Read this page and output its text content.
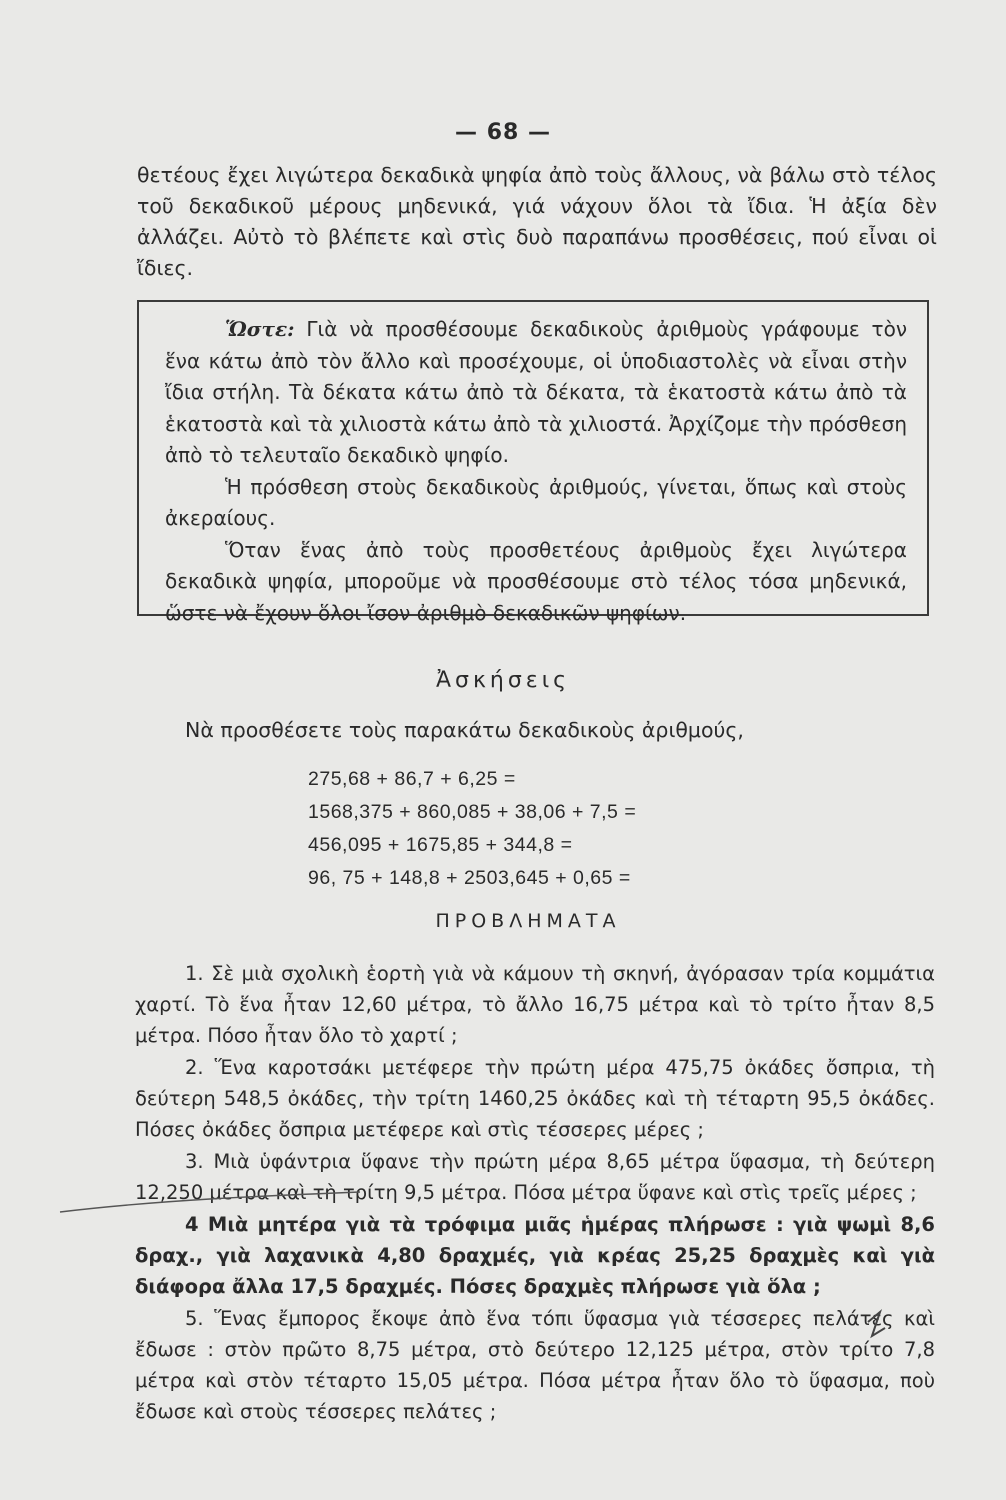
— 68 —

θετέους ἔχει λιγώτερα δεκαδικὰ ψηφία ἀπὸ τοὺς ἄλλους, νὰ βάλω στὸ τέλος τοῦ δεκαδικοῦ μέρους μηδενικά, γιά νάχουν ὅλοι τὰ ἴδια. Ἡ ἀξία δὲν ἀλλάζει. Αὐτὸ τὸ βλέπετε καὶ στὶς δυὸ παραπάνω προσθέσεις, πού εἶναι οἱ ἴδιες.

Ὥστε: Γιὰ νὰ προσθέσουμε δεκαδικοὺς ἀριθμοὺς γράφουμε τὸν ἕνα κάτω ἀπὸ τὸν ἄλλο καὶ προσέχουμε, οἱ ὑποδιαστολὲς νὰ εἶναι στὴν ἴδια στήλη. Τὰ δέκατα κάτω ἀπὸ τὰ δέκατα, τὰ ἑκατοστὰ κάτω ἀπὸ τὰ ἑκατοστὰ καὶ τὰ χιλιοστὰ κάτω ἀπὸ τὰ χιλιοστά. Ἀρχίζομε τὴν πρόσθεση ἀπὸ τὸ τελευταῖο δεκαδικὸ ψηφίο.

Ἡ πρόσθεση στοὺς δεκαδικοὺς ἀριθμούς, γίνεται, ὅπως καὶ στοὺς ἀκεραίους.

Ὅταν ἕνας ἀπὸ τοὺς προσθετέους ἀριθμοὺς ἔχει λιγώτερα δεκαδικὰ ψηφία, μποροῦμε νὰ προσθέσουμε στὸ τέλος τόσα μηδενικά, ὥστε νὰ ἔχουν ὅλοι ἴσον ἀριθμὸ δεκαδικῶν ψηφίων.

Ἀσκήσεις
Νὰ προσθέσετε τοὺς παρακάτω δεκαδικοὺς ἀριθμούς,
275,68 + 86,7 + 6,25 =
1568,375 + 860,085 + 38,06 + 7,5 =
456,095 + 1675,85 + 344,8 =
96, 75 + 148,8 + 2503,645 + 0,65 =
ΠΡΟΒΛΗΜΑΤΑ

1. Σὲ μιὰ σχολικὴ ἑορτὴ γιὰ νὰ κάμουν τὴ σκηνή, ἀγόρασαν τρία κομμάτια χαρτί. Τὸ ἕνα ἦταν 12,60 μέτρα, τὸ ἄλλο 16,75 μέτρα καὶ τὸ τρίτο ἦταν 8,5 μέτρα. Πόσο ἦταν ὅλο τὸ χαρτί ;

2. Ἕνα καροτσάκι μετέφερε τὴν πρώτη μέρα 475,75 ὀκάδες ὄσπρια, τὴ δεύτερη 548,5 ὀκάδες, τὴν τρίτη 1460,25 ὀκάδες καὶ τὴ τέταρτη 95,5 ὀκάδες. Πόσες ὀκάδες ὄσπρια μετέφερε καὶ στὶς τέσσερες μέρες ;

3. Μιὰ ὑφάντρια ὕφανε τὴν πρώτη μέρα 8,65 μέτρα ὕφασμα, τὴ δεύτερη 12,250 μέτρα καὶ τὴ τρίτη 9,5 μέτρα. Πόσα μέτρα ὕφανε καὶ στὶς τρεῖς μέρες ;

4 Μιὰ μητέρα γιὰ τὰ τρόφιμα μιᾶς ἡμέρας πλήρωσε : γιὰ ψωμὶ 8,6 δραχ., γιὰ λαχανικὰ 4,80 δραχμές, γιὰ κρέας 25,25 δραχμὲς καὶ γιὰ διάφορα ἄλλα 17,5 δραχμές. Πόσες δραχμὲς πλήρωσε γιὰ ὅλα ;

5. Ἕνας ἔμπορος ἔκοψε ἀπὸ ἕνα τόπι ὕφασμα γιὰ τέσσερες πελάτες καὶ ἔδωσε : στὸν πρῶτο 8,75 μέτρα, στὸ δεύτερο 12,125 μέτρα, στὸν τρίτο 7,8 μέτρα καὶ στὸν τέταρτο 15,05 μέτρα. Πόσα μέτρα ἦταν ὅλο τὸ ὕφασμα, ποὺ ἔδωσε καὶ στοὺς τέσσερες πελάτες ;
